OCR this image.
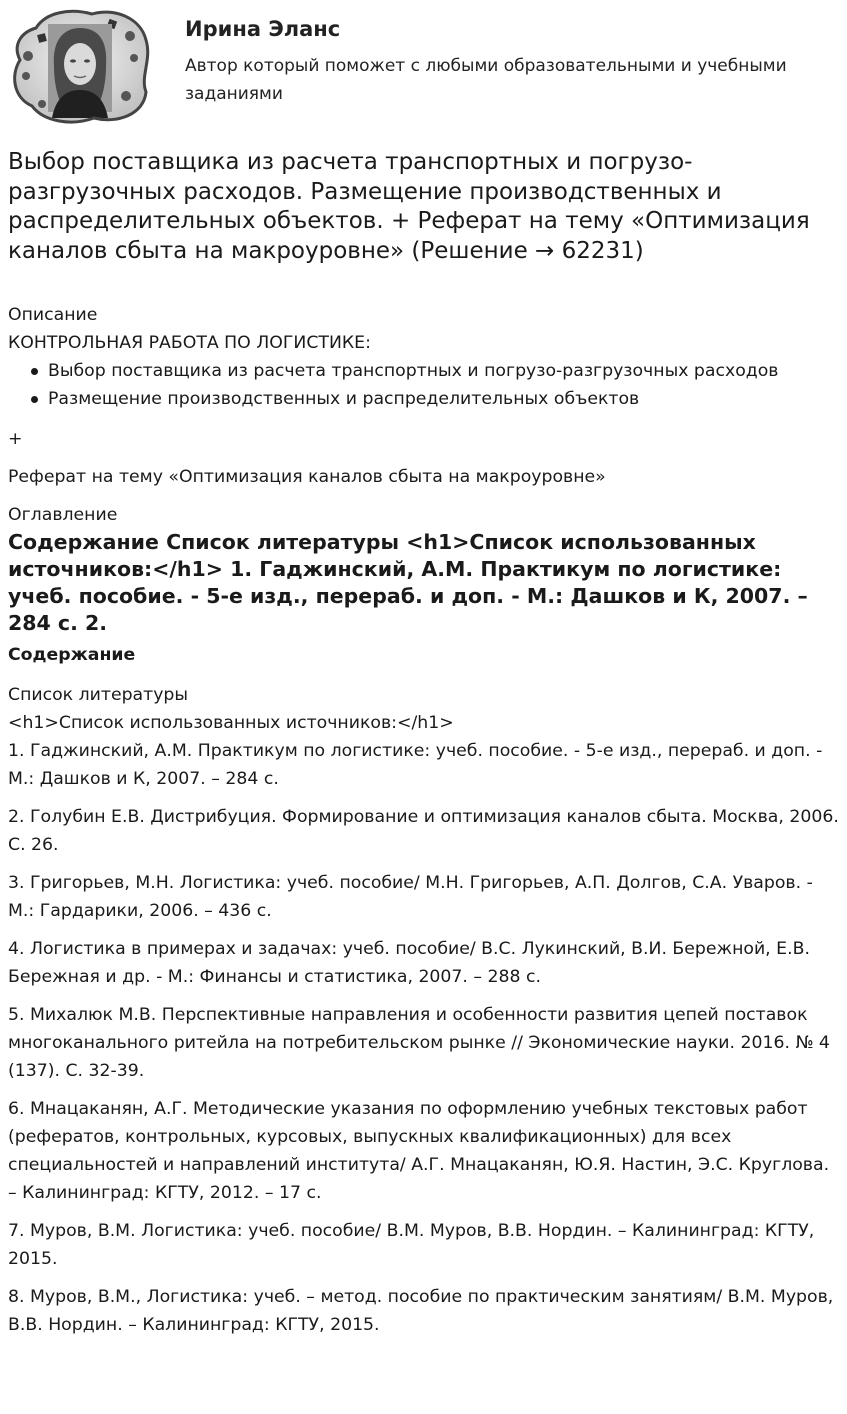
Ирина Эланс
Автор который поможет с любыми образовательными и учебными заданиями
Выбор поставщика из расчета транспортных и погрузо-разгрузочных расходов. Размещение производственных и распределительных объектов. + Реферат на тему «Оптимизация каналов сбыта на макроуровне» (Решение → 62231)

Описание

КОНТРОЛЬНАЯ РАБОТА ПО ЛОГИСТИКЕ:

Выбор поставщика из расчета транспортных и погрузо-разгрузочных расходов
Размещение производственных и распределительных объектов

+

Реферат на тему «Оптимизация каналов сбыта на макроуровне»

Оглавление

Содержание Список литературы <h1>Список использованных источников:</h1> 1. Гаджинский, А.М. Практикум по логистике: учеб. пособие. - 5-е изд., перераб. и доп. - М.: Дашков и К, 2007. – 284 с. 2.

Содержание

Список литературы

<h1>Список использованных источников:</h1>

1. Гаджинский, А.М. Практикум по логистике: учеб. пособие. - 5-е изд., перераб. и доп. - М.: Дашков и К, 2007. – 284 с.

2. Голубин Е.В. Дистрибуция. Формирование и оптимизация каналов сбыта. Москва, 2006. С. 26.

3. Григорьев, М.Н. Логистика: учеб. пособие/ М.Н. Григорьев, А.П. Долгов, С.А. Уваров. - М.: Гардарики, 2006. – 436 с.

4. Логистика в примерах и задачах: учеб. пособие/ В.С. Лукинский, В.И. Бережной, Е.В. Бережная и др. - М.: Финансы и статистика, 2007. – 288 с.

5. Михалюк М.В. Перспективные направления и особенности развития цепей поставок многоканального ритейла на потребительском рынке // Экономические науки. 2016. № 4 (137). С. 32-39.

6. Мнацаканян, А.Г. Методические указания по оформлению учебных текстовых работ (рефератов, контрольных, курсовых, выпускных квалификационных) для всех специальностей и направлений института/ А.Г. Мнацаканян, Ю.Я. Настин, Э.С. Круглова. – Калининград: КГТУ, 2012. – 17 с.

7. Муров, В.М. Логистика: учеб. пособие/ В.М. Муров, В.В. Нордин. – Калининград: КГТУ, 2015.

8. Муров, В.М., Логистика: учеб. – метод. пособие по практическим занятиям/ В.М. Муров, В.В. Нордин. – Калининград: КГТУ, 2015.
